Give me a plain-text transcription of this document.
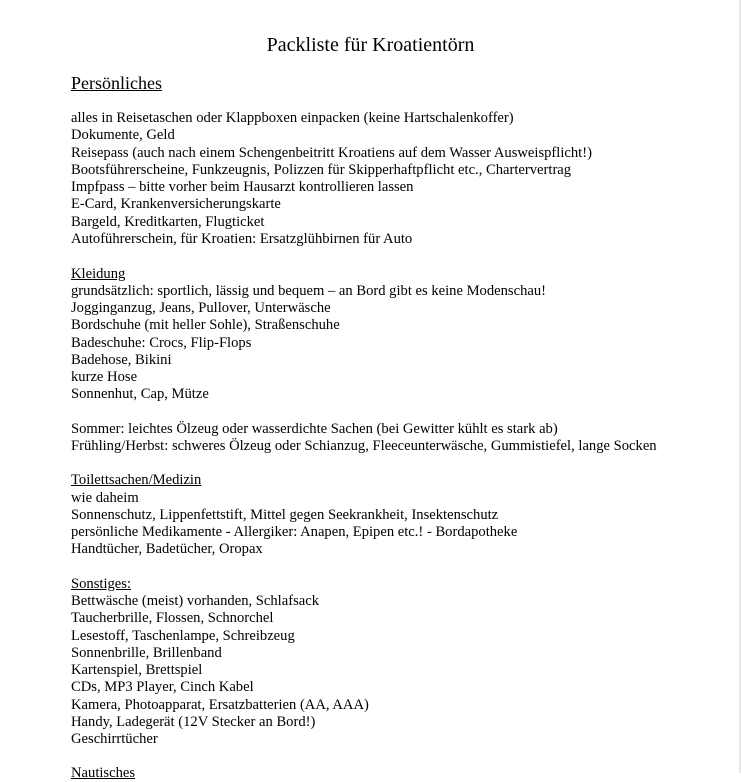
Packliste für Kroatientörn
Persönliches
alles in Reisetaschen oder Klappboxen einpacken (keine Hartschalenkoffer)
Dokumente, Geld
Reisepass (auch nach einem Schengenbeitritt Kroatiens auf dem Wasser Ausweispflicht!)
Bootsführerscheine, Funkzeugnis, Polizzen für Skipperhaftpflicht etc., Chartervertrag
Impfpass – bitte vorher beim Hausarzt kontrollieren lassen
E-Card, Krankenversicherungskarte
Bargeld, Kreditkarten, Flugticket
Autoführerschein, für Kroatien: Ersatzglühbirnen für Auto
Kleidung
grundsätzlich: sportlich, lässig und bequem – an Bord gibt es keine Modenschau!
Jogginganzug, Jeans, Pullover, Unterwäsche
Bordschuhe (mit heller Sohle), Straßenschuhe
Badeschuhe: Crocs, Flip-Flops
Badehose, Bikini
kurze Hose
Sonnenhut, Cap, Mütze
Sommer: leichtes Ölzeug oder wasserdichte Sachen (bei Gewitter kühlt es stark ab)
Frühling/Herbst: schweres Ölzeug oder Schianzug, Fleeceunterwäsche, Gummistiefel, lange Socken
Toilettsachen/Medizin
wie daheim
Sonnenschutz, Lippenfettstift, Mittel gegen Seekrankheit, Insektenschutz
persönliche Medikamente - Allergiker: Anapen, Epipen etc.! - Bordapotheke
Handtücher, Badetücher, Oropax
Sonstiges:
Bettwäsche (meist) vorhanden, Schlafsack
Taucherbrille, Flossen, Schnorchel
Lesestoff, Taschenlampe, Schreibzeug
Sonnenbrille, Brillenband
Kartenspiel, Brettspiel
CDs, MP3 Player, Cinch Kabel
Kamera, Photoapparat, Ersatzbatterien (AA, AAA)
Handy, Ladegerät (12V Stecker an Bord!)
Geschirrtücher
Nautisches
